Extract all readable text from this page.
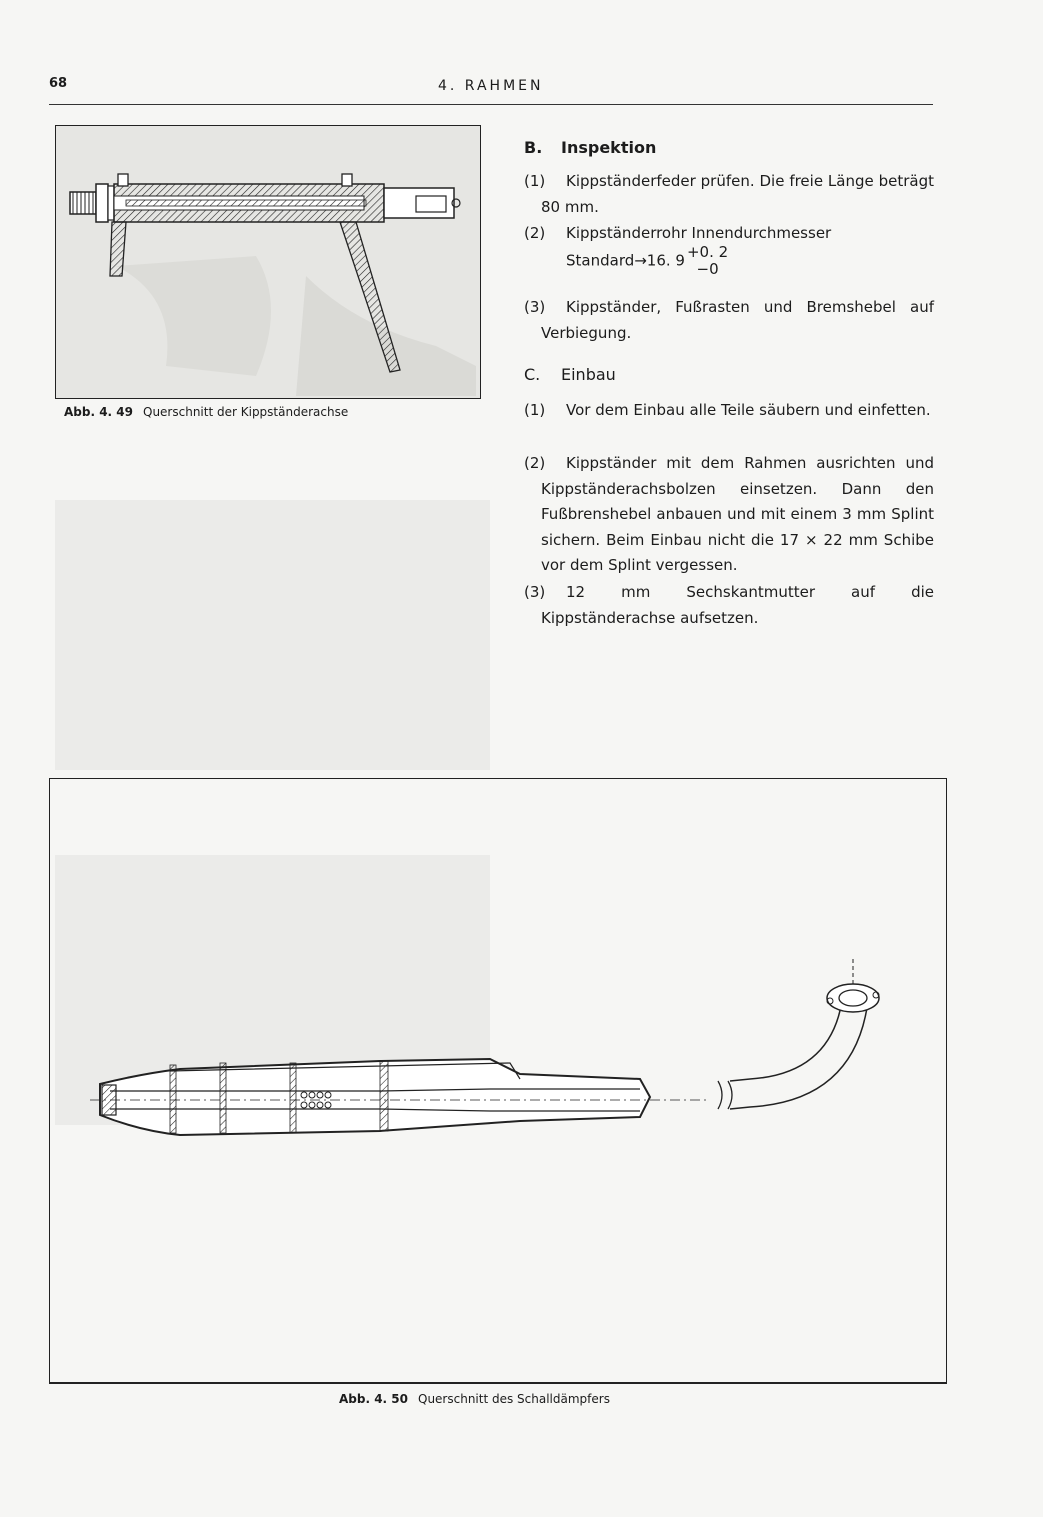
68	4. RAHMEN
Abb. 4. 49 Querschnitt der Kippständerachse
B. Inspektion
(1)	Kippständerfeder prüfen. Die freie Länge beträgt 80 mm.
(2)	Kippständerrohr Innendurchmesser
Standard→16. 9 +0. 2
−0
(3)	Kippständer, Fußrasten und Bremshebel auf Verbiegung.
C. Einbau
(1)	Vor dem Einbau alle Teile säubern und einfetten.
(2)	Kippständer mit dem Rahmen ausrichten und Kippständerachsbolzen einsetzen. Dann den Fußbrenshebel anbauen und mit einem 3 mm Splint sichern. Beim Einbau nicht die 17 × 22 mm Schibe vor dem Splint vergessen.
(3)	12 mm Sechskantmutter auf die Kippständerachse aufsetzen.
Abb. 4. 50 Querschnitt des Schalldämpfers
